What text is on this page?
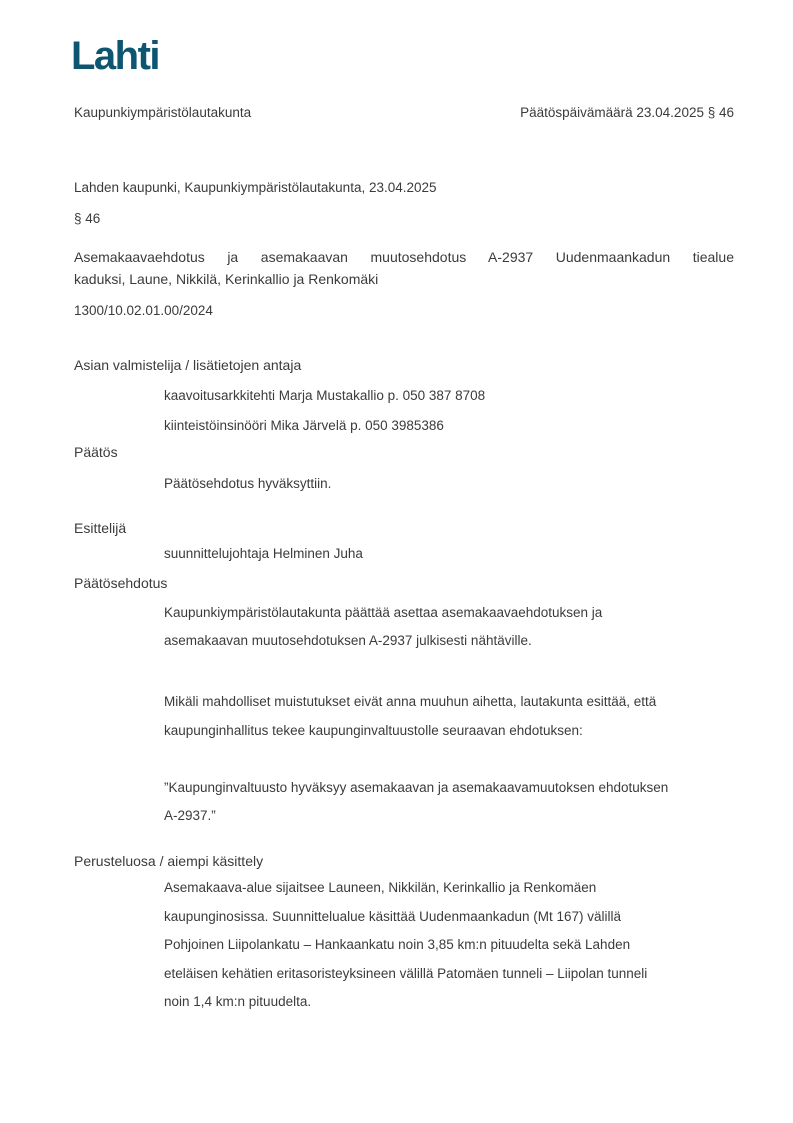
Lahti
Kaupunkiympäristölautakunta	Päätöspäivämäärä 23.04.2025 § 46
Lahden kaupunki, Kaupunkiympäristölautakunta, 23.04.2025
§ 46
Asemakaavaehdotus ja asemakaavan muutosehdotus A-2937 Uudenmaankadun tiealue
kaduksi, Laune, Nikkilä, Kerinkallio ja Renkomäki
1300/10.02.01.00/2024
Asian valmistelija / lisätietojen antaja
kaavoitusarkkitehti Marja Mustakallio p. 050 387 8708
kiinteistöinsinööri Mika Järvelä p. 050 3985386
Päätös
Päätösehdotus hyväksyttiin.
Esittelijä
suunnittelujohtaja Helminen Juha
Päätösehdotus
Kaupunkiympäristölautakunta päättää asettaa asemakaavaehdotuksen ja
asemakaavan muutosehdotuksen A-2937 julkisesti nähtäville.
Mikäli mahdolliset muistutukset eivät anna muuhun aihetta, lautakunta esittää, että
kaupunginhallitus tekee kaupunginvaltuustolle seuraavan ehdotuksen:
”Kaupunginvaltuusto hyväksyy asemakaavan ja asemakaavamuutoksen ehdotuksen
A-2937.”
Perusteluosa / aiempi käsittely
Asemakaava-alue sijaitsee Launeen, Nikkilän, Kerinkallio ja Renkomäen
kaupunginosissa. Suunnittelualue käsittää Uudenmaankadun (Mt 167) välillä
Pohjoinen Liipolankatu – Hankaankatu noin 3,85 km:n pituudelta sekä Lahden
eteläisen kehätien eritasoristeyksineen välillä Patomäen tunneli – Liipolan tunneli
noin 1,4 km:n pituudelta.
